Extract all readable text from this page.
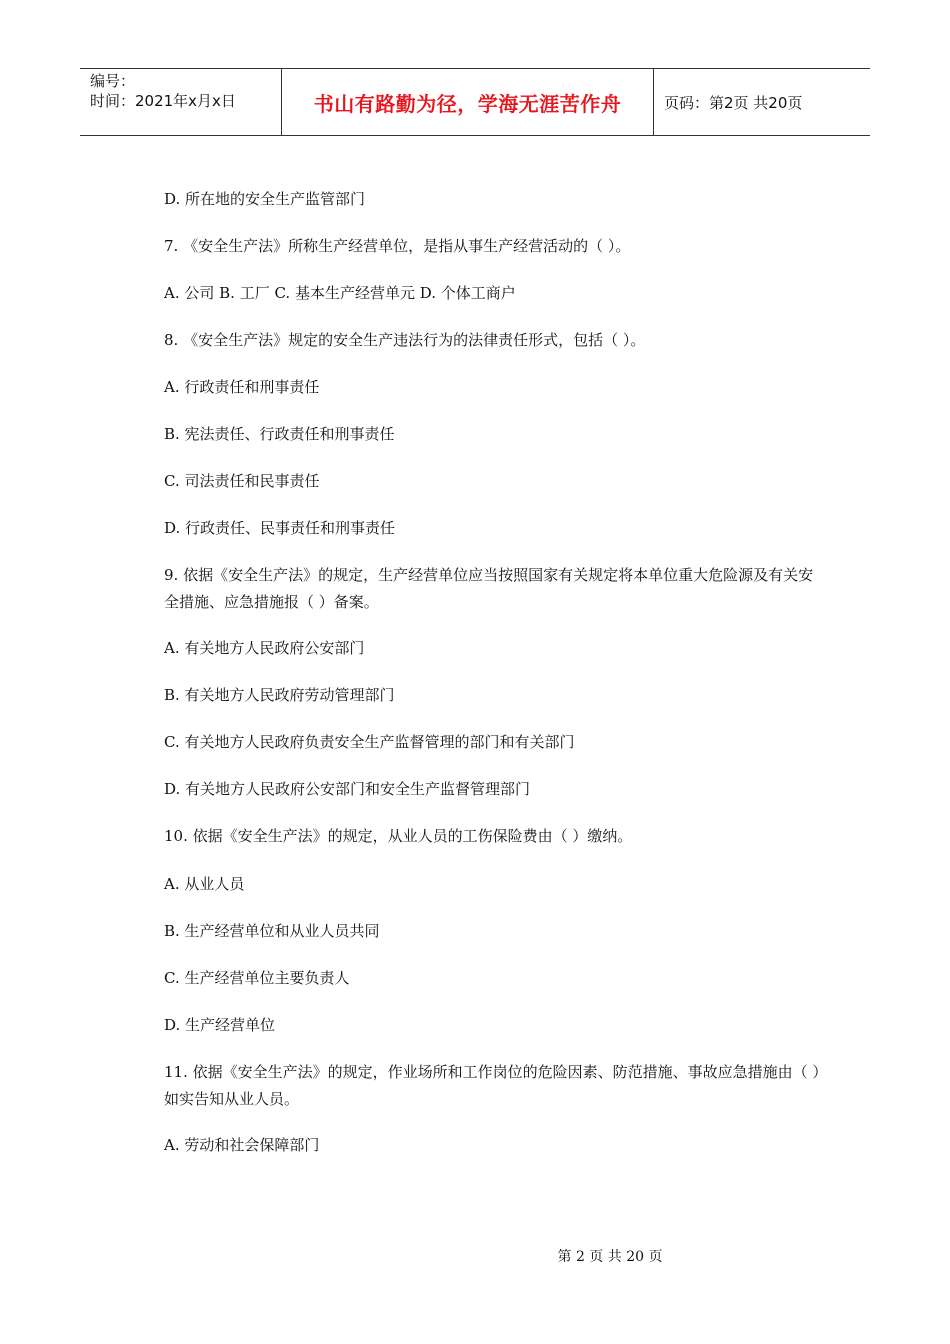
编号：
时间：2021年x月x日	书山有路勤为径，学海无涯苦作舟	页码：第2页 共20页
D. 所在地的安全生产监管部门
7. 《安全生产法》所称生产经营单位，是指从事生产经营活动的（ ）。
A. 公司 B. 工厂 C. 基本生产经营单元 D. 个体工商户
8. 《安全生产法》规定的安全生产违法行为的法律责任形式，包括（ ）。
A. 行政责任和刑事责任
B. 宪法责任、行政责任和刑事责任
C. 司法责任和民事责任
D. 行政责任、民事责任和刑事责任
9. 依据《安全生产法》的规定，生产经营单位应当按照国家有关规定将本单位重大危险源及有关安全措施、应急措施报（ ）备案。
A. 有关地方人民政府公安部门
B. 有关地方人民政府劳动管理部门
C. 有关地方人民政府负责安全生产监督管理的部门和有关部门
D. 有关地方人民政府公安部门和安全生产监督管理部门
10. 依据《安全生产法》的规定，从业人员的工伤保险费由（ ）缴纳。
A. 从业人员
B. 生产经营单位和从业人员共同
C. 生产经营单位主要负责人
D. 生产经营单位
11. 依据《安全生产法》的规定，作业场所和工作岗位的危险因素、防范措施、事故应急措施由（ ）如实告知从业人员。
A. 劳动和社会保障部门
第 2 页 共 20 页
